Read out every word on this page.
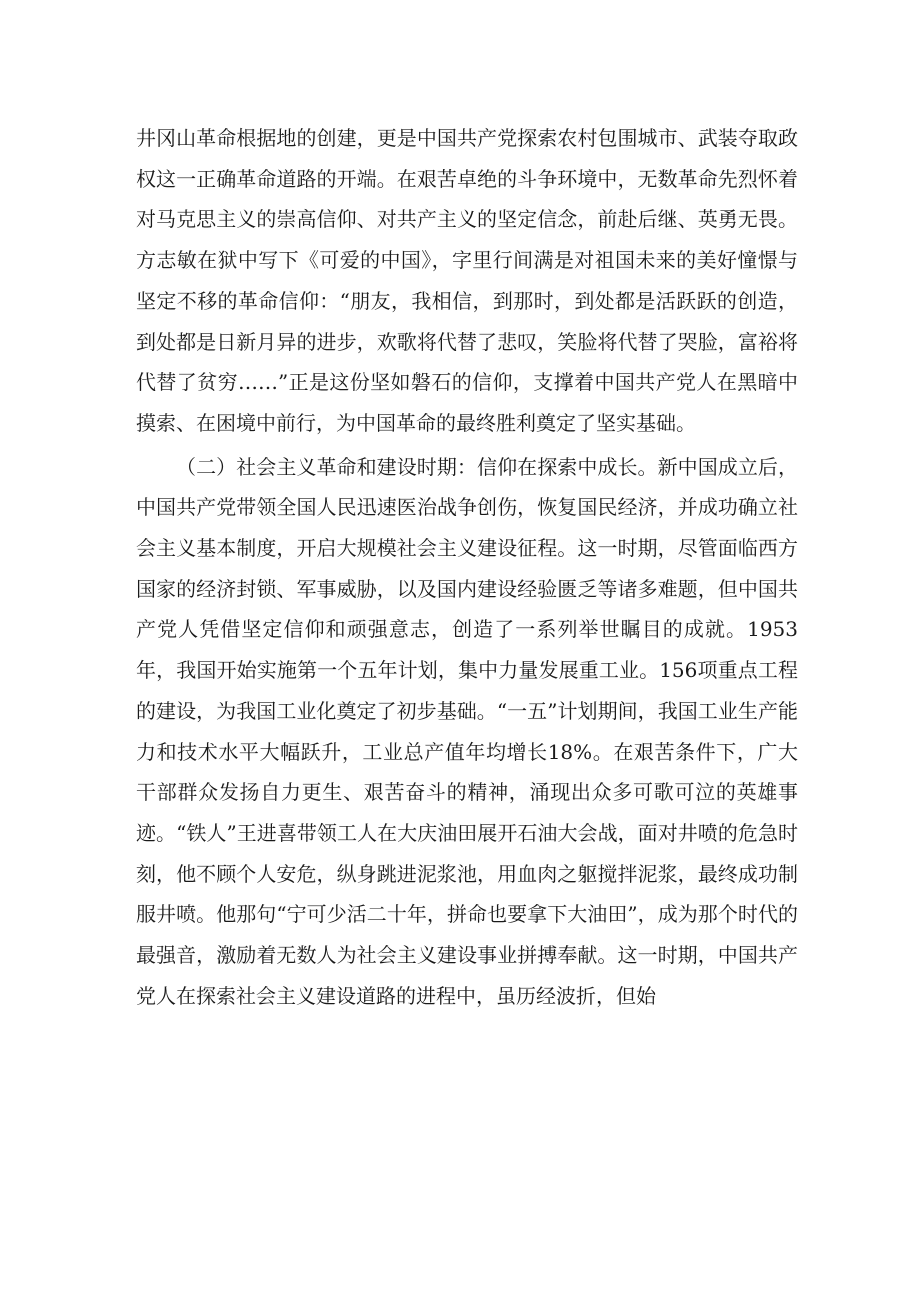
井冈山革命根据地的创建，更是中国共产党探索农村包围城市、武装夺取政权这一正确革命道路的开端。在艰苦卓绝的斗争环境中，无数革命先烈怀着对马克思主义的崇高信仰、对共产主义的坚定信念，前赴后继、英勇无畏。方志敏在狱中写下《可爱的中国》，字里行间满是对祖国未来的美好憧憬与坚定不移的革命信仰：“朋友，我相信，到那时，到处都是活跃跃的创造，到处都是日新月异的进步，欢歌将代替了悲叹，笑脸将代替了哭脸，富裕将代替了贫穷……”正是这份坚如磐石的信仰，支撑着中国共产党人在黑暗中摸索、在困境中前行，为中国革命的最终胜利奠定了坚实基础。

（二）社会主义革命和建设时期：信仰在探索中成长。新中国成立后，中国共产党带领全国人民迅速医治战争创伤，恢复国民经济，并成功确立社会主义基本制度，开启大规模社会主义建设征程。这一时期，尽管面临西方国家的经济封锁、军事威胁，以及国内建设经验匮乏等诸多难题，但中国共产党人凭借坚定信仰和顽强意志，创造了一系列举世瞩目的成就。1953年，我国开始实施第一个五年计划，集中力量发展重工业。156项重点工程的建设，为我国工业化奠定了初步基础。“一五”计划期间，我国工业生产能力和技术水平大幅跃升，工业总产值年均增长18%。在艰苦条件下，广大干部群众发扬自力更生、艰苦奋斗的精神，涌现出众多可歌可泣的英雄事迹。“铁人”王进喜带领工人在大庆油田展开石油大会战，面对井喷的危急时刻，他不顾个人安危，纵身跳进泥浆池，用血肉之躯搅拌泥浆，最终成功制服井喷。他那句“宁可少活二十年，拼命也要拿下大油田”，成为那个时代的最强音，激励着无数人为社会主义建设事业拼搏奉献。这一时期，中国共产党人在探索社会主义建设道路的进程中，虽历经波折，但始
